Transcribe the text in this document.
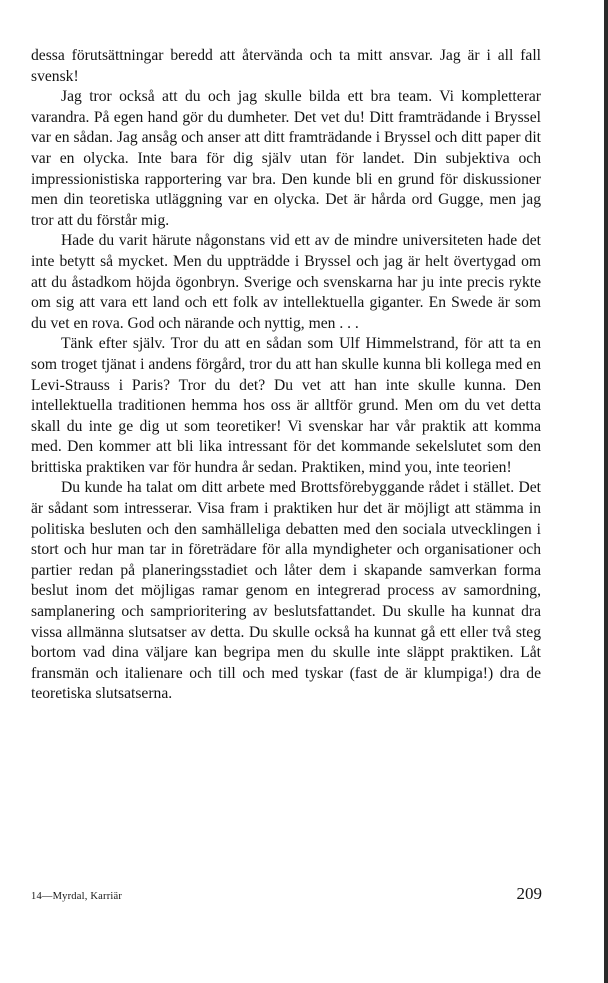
dessa förutsättningar beredd att återvända och ta mitt ansvar. Jag är i all fall svensk!

Jag tror också att du och jag skulle bilda ett bra team. Vi kompletterar varandra. På egen hand gör du dumheter. Det vet du! Ditt framträdande i Bryssel var en sådan. Jag ansåg och anser att ditt framträdande i Bryssel och ditt paper dit var en olycka. Inte bara för dig själv utan för landet. Din subjektiva och impressionistiska rapportering var bra. Den kunde bli en grund för diskussioner men din teoretiska utläggning var en olycka. Det är hårda ord Gugge, men jag tror att du förstår mig.

Hade du varit härute någonstans vid ett av de mindre universiteten hade det inte betytt så mycket. Men du uppträdde i Bryssel och jag är helt övertygad om att du åstadkom höjda ögonbryn. Sverige och svenskarna har ju inte precis rykte om sig att vara ett land och ett folk av intellektuella giganter. En Swede är som du vet en rova. God och närande och nyttig, men . . .

Tänk efter själv. Tror du att en sådan som Ulf Himmelstrand, för att ta en som troget tjänat i andens förgård, tror du att han skulle kunna bli kollega med en Levi-Strauss i Paris? Tror du det? Du vet att han inte skulle kunna. Den intellektuella traditionen hemma hos oss är alltför grund. Men om du vet detta skall du inte ge dig ut som teoretiker! Vi svenskar har vår praktik att komma med. Den kommer att bli lika intressant för det kommande sekelslutet som den brittiska praktiken var för hundra år sedan. Praktiken, mind you, inte teorien!

Du kunde ha talat om ditt arbete med Brottsförebyggande rådet i stället. Det är sådant som intresserar. Visa fram i praktiken hur det är möjligt att stämma in politiska besluten och den samhälleliga debatten med den sociala utvecklingen i stort och hur man tar in företrädare för alla myndigheter och organisationer och partier redan på planeringsstadiet och låter dem i skapande samverkan forma beslut inom det möjligas ramar genom en integrerad process av samordning, samplanering och samprioritering av beslutsfattandet. Du skulle ha kunnat dra vissa allmänna slutsatser av detta. Du skulle också ha kunnat gå ett eller två steg bortom vad dina väljare kan begripa men du skulle inte släppt praktiken. Låt fransmän och italienare och till och med tyskar (fast de är klumpiga!) dra de teoretiska slutsatserna.

14—Myrdal, Karriär	209
